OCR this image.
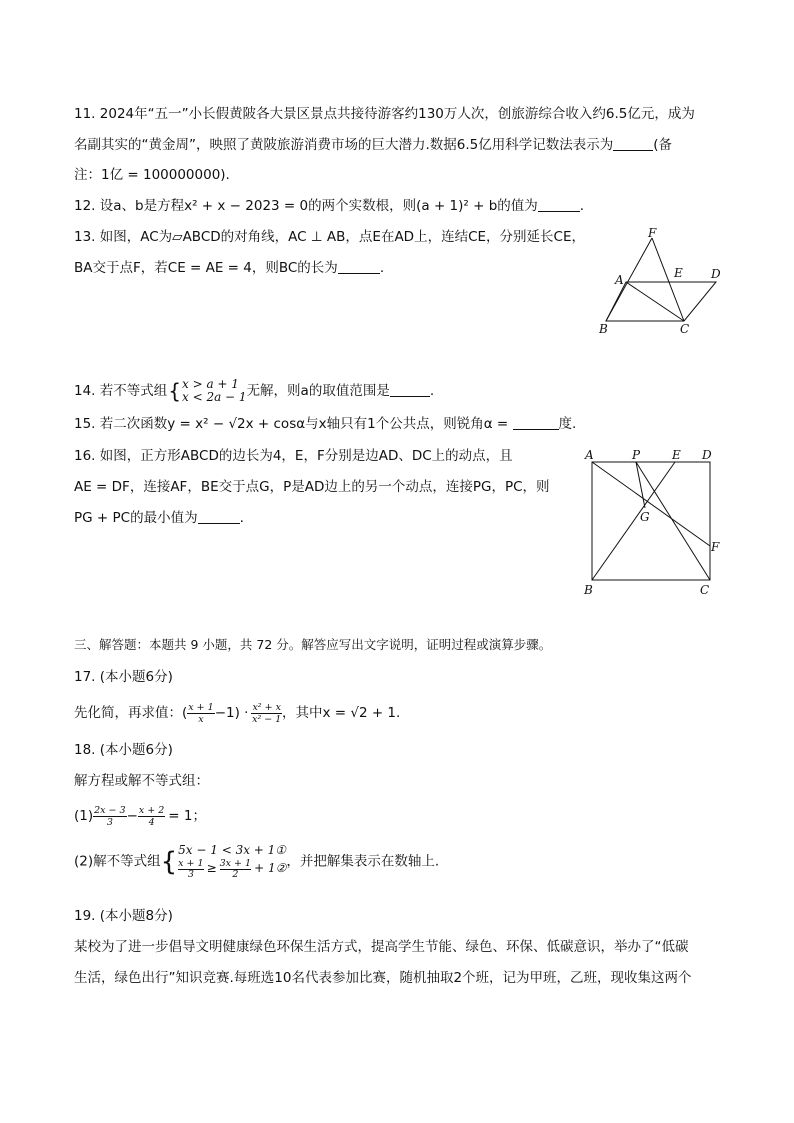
11. 2024年“五一”小长假黄陂各大景区景点共接待游客约130万人次，创旅游综合收入约6.5亿元，成为
名副其实的“黄金周”，映照了黄陂旅游消费市场的巨大潜力.数据6.5亿用科学记数法表示为	(备
注：1亿 = 100000000).
12. 设a、b是方程x² + x − 2023 = 0的两个实数根，则(a + 1)² + b的值为	.
13. 如图，AC为▱ABCD的对角线，AC ⊥ AB，点E在AD上，连结CE，分别延长CE，
BA交于点F，若CE = AE = 4，则BC的长为	.
F
A	E D
B	C
14. 若不等式组{ x > a + 1
x < 2a − 1 无解，则a的取值范围是	.
15. 若二次函数y = x² − √2x + cosα与x轴只有1个公共点，则锐角α =	度.
16. 如图，正方形ABCD的边长为4，E，F分别是边AD、DC上的动点，且
AE = DF，连接AF，BE交于点G，P是AD边上的另一个动点，连接PG，PC，则
PG + PC的最小值为	.
A	P	E D
G
F
B	C
三、解答题：本题共 9 小题，共 72 分。解答应写出文字说明，证明过程或演算步骤。
17. (本小题6分)
先化简，再求值：( $\frac{x + 1}{x} -1) \cdot \frac{\text{x² + x}}{\text{x² − 1}}$ ，其中x = √2 + 1.
18. (本小题6分)
解方程或解不等式组：
$(1) \frac{2x - 3}{3} - \frac{x + 2}{4} = 1$；
(2)解不等式组{ 5x − 1 < 3x + 1①
$\frac{x + 1}{3} \ge \frac{3x + 1}{2}$ + 1② ，并把解集表示在数轴上.
19. (本小题8分)
某校为了进一步倡导文明健康绿色环保生活方式，提高学生节能、绿色、环保、低碳意识，举办了“低碳
生活，绿色出行”知识竞赛.每班选10名代表参加比赛，随机抽取2个班，记为甲班，乙班，现收集这两个
